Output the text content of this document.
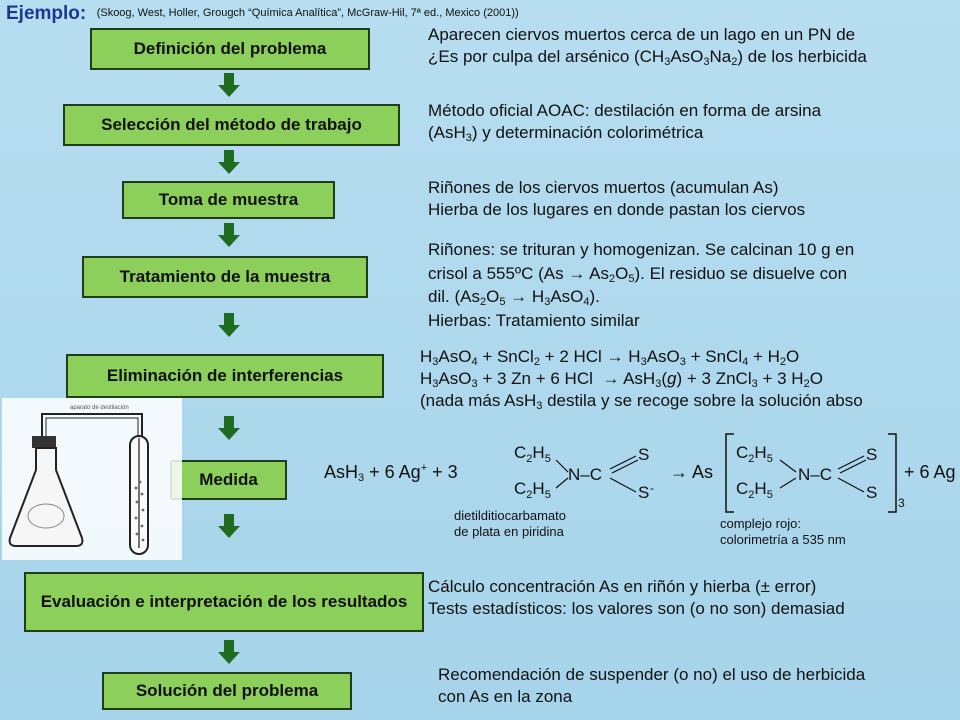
Ejemplo: (Skoog, West, Holler, Grougch “Química Analítica”, McGraw-Hil, 7ª ed., Mexico (2001))
Definición del problema
Selección del método de trabajo
Toma de muestra
Tratamiento de la muestra
Eliminación de interferencias
Medida
Evaluación e interpretación de los resultados
Solución del problema
aparato de destilación
Aparecen ciervos muertos cerca de un lago en un PN de
¿Es por culpa del arsénico $(CH_3AsO_3Na_2)$ de los herbicida
Método oficial AOAC: destilación en forma de arsina
(AsH$_3$) y determinación colorimétrica
Riñones de los ciervos muertos (acumulan As)
Hierba de los lugares en donde pastan los ciervos
Riñones: se trituran y homogenizan. Se calcinan 10 g en
crisol a 555ºC $(As \to As_2O_5)$. El residuo se disuelve con
dil. $(As_2O_5 \to H_3AsO_4)$.
Hierbas: Tratamiento similar
$H_3AsO_4$ + SnCl$_2$ + 2 HCl → $H_3AsO_3$ + SnCl$_4$ + $H_2O$
$H_3AsO_3 + 3$ Zn + 6 HCl  → AsH$_3$(g) + 3 ZnCl$_3$ + 3 $H_2O$
(nada más AsH$_3$ destila y se recoge sobre la solución abso
AsH$_3$ + 6 Ag+ + 3
$C_2H_5$
$C_2H_5$
N–C
S
S -
→ As
$C_2H_5$
$C_2H_5$
N–C
S
S
3
+ 6 Ag
dietilditiocarbamato
de plata en piridina
complejo rojo:
colorimetría a 535 nm
Cálculo concentración As en riñón y hierba (± error)
Tests estadísticos: los valores son (o no son) demasiad
Recomendación de suspender (o no) el uso de herbicida
con As en la zona
